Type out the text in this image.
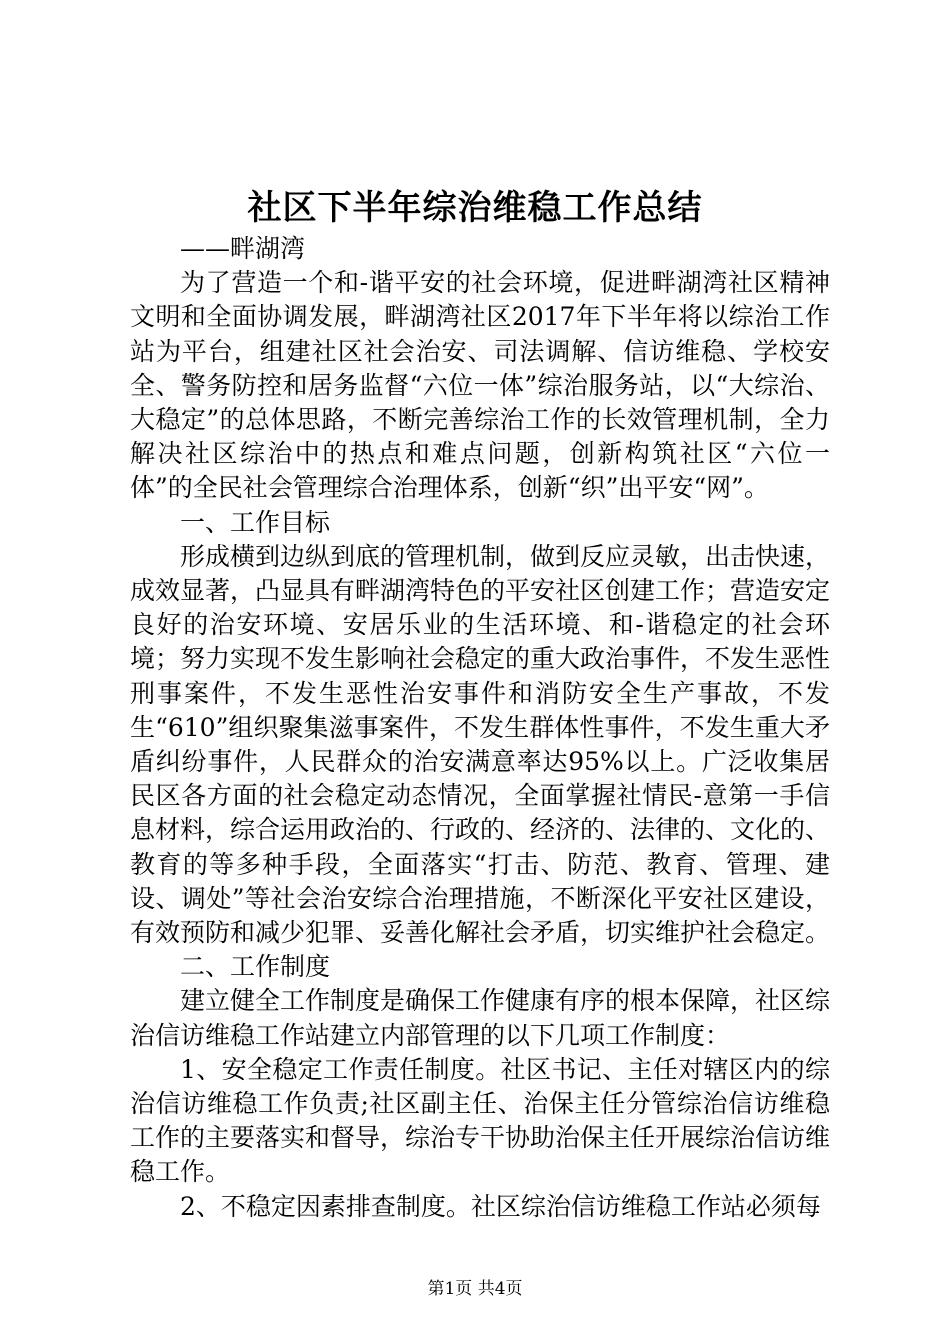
社区下半年综治维稳工作总结

——畔湖湾

为了营造一个和-谐平安的社会环境，促进畔湖湾社区精神文明和全面协调发展，畔湖湾社区2017年下半年将以综治工作站为平台，组建社区社会治安、司法调解、信访维稳、学校安全、警务防控和居务监督“六位一体”综治服务站，以“大综治、大稳定”的总体思路，不断完善综治工作的长效管理机制，全力解决社区综治中的热点和难点问题，创新构筑社区“六位一体”的全民社会管理综合治理体系，创新“织”出平安“网”。

一、工作目标

形成横到边纵到底的管理机制，做到反应灵敏，出击快速，成效显著，凸显具有畔湖湾特色的平安社区创建工作；营造安定良好的治安环境、安居乐业的生活环境、和-谐稳定的社会环境；努力实现不发生影响社会稳定的重大政治事件，不发生恶性刑事案件，不发生恶性治安事件和消防安全生产事故，不发生“610”组织聚集滋事案件，不发生群体性事件，不发生重大矛盾纠纷事件，人民群众的治安满意率达95%以上。广泛收集居民区各方面的社会稳定动态情况，全面掌握社情民-意第一手信息材料，综合运用政治的、行政的、经济的、法律的、文化的、教育的等多种手段，全面落实“打击、防范、教育、管理、建设、调处”等社会治安综合治理措施，不断深化平安社区建设，有效预防和减少犯罪、妥善化解社会矛盾，切实维护社会稳定。

二、工作制度

建立健全工作制度是确保工作健康有序的根本保障，社区综治信访维稳工作站建立内部管理的以下几项工作制度：

1、安全稳定工作责任制度。社区书记、主任对辖区内的综治信访维稳工作负责;社区副主任、治保主任分管综治信访维稳工作的主要落实和督导，综治专干协助治保主任开展综治信访维稳工作。

2、不稳定因素排查制度。社区综治信访维稳工作站必须每

第1页 共4页
